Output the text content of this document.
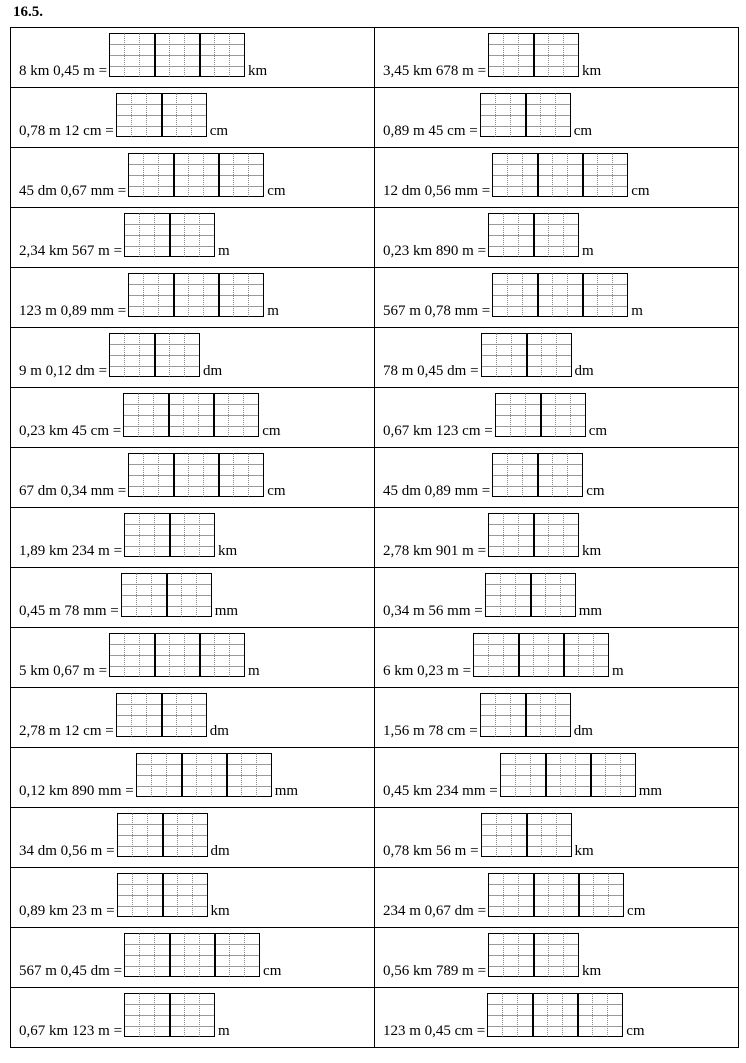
16.5.
8 km 0,45 m =	km	3,45 km 678 m =	km
0,78 m 12 cm =	cm	0,89 m 45 cm =	cm
45 dm 0,67 mm =	cm	12 dm 0,56 mm =	cm
2,34 km 567 m =	m	0,23 km 890 m =	m
123 m 0,89 mm =	m	567 m 0,78 mm =	m
9 m 0,12 dm =	dm	78 m 0,45 dm =	dm
0,23 km 45 cm =	cm	0,67 km 123 cm =	cm
67 dm 0,34 mm =	cm	45 dm 0,89 mm =	cm
1,89 km 234 m =	km	2,78 km 901 m =	km
0,45 m 78 mm =	mm	0,34 m 56 mm =	mm
5 km 0,67 m =	m	6 km 0,23 m =	m
2,78 m 12 cm =	dm	1,56 m 78 cm =	dm
0,12 km 890 mm =	mm	0,45 km 234 mm =	mm
34 dm 0,56 m =	dm	0,78 km 56 m =	km
0,89 km 23 m =	km	234 m 0,67 dm =	cm
567 m 0,45 dm =	cm	0,56 km 789 m =	km
0,67 km 123 m =	m	123 m 0,45 cm =	cm
